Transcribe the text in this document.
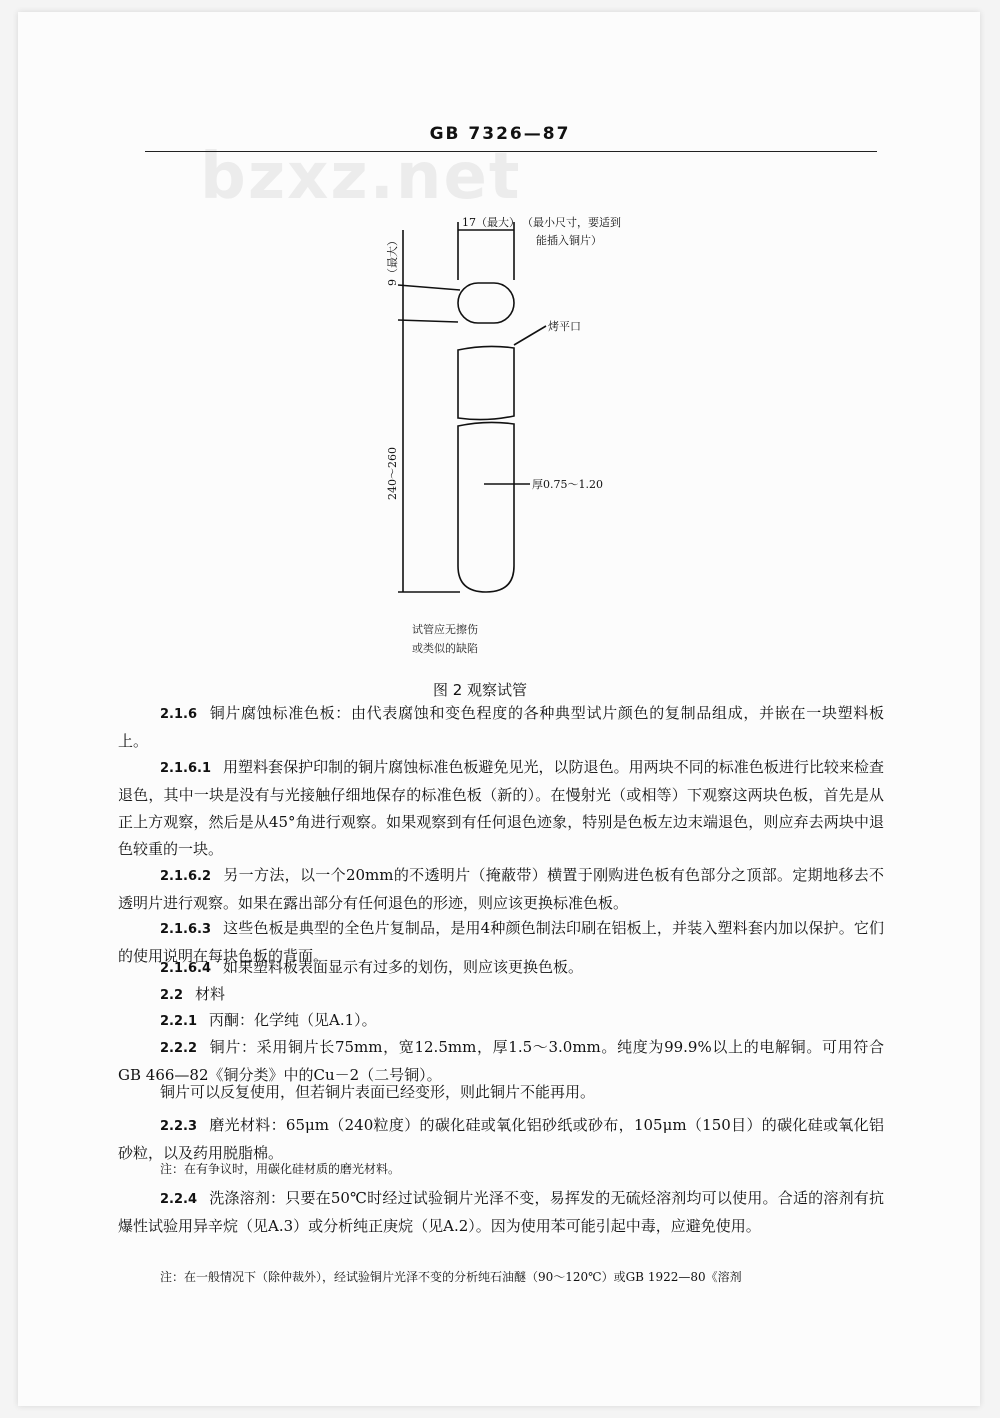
bzxz.net
GB 7326—87
17（最大） （最小尺寸，要适到
能插入铜片）
烤平口
厚0.75～1.20
9（最大）
240～260
试管应无擦伤
或类似的缺陷
图 2 观察试管
2.1.6 铜片腐蚀标准色板：由代表腐蚀和变色程度的各种典型试片颜色的复制品组成，并嵌在一块塑料板上。
2.1.6.1 用塑料套保护印制的铜片腐蚀标准色板避免见光，以防退色。用两块不同的标准色板进行比较来检查退色，其中一块是没有与光接触仔细地保存的标准色板（新的）。在慢射光（或相等）下观察这两块色板，首先是从正上方观察，然后是从45°角进行观察。如果观察到有任何退色迹象，特别是色板左边末端退色，则应弃去两块中退色较重的一块。
2.1.6.2 另一方法，以一个20mm的不透明片（掩蔽带）横置于刚购进色板有色部分之顶部。定期地移去不透明片进行观察。如果在露出部分有任何退色的形迹，则应该更换标准色板。
2.1.6.3 这些色板是典型的全色片复制品，是用4种颜色制法印刷在铝板上，并装入塑料套内加以保护。它们的使用说明在每块色板的背面。
2.1.6.4 如果塑料板表面显示有过多的划伤，则应该更换色板。
2.2 材料
2.2.1 丙酮：化学纯（见A.1）。
2.2.2 铜片：采用铜片长75mm，宽12.5mm，厚1.5～3.0mm。纯度为99.9%以上的电解铜。可用符合GB 466—82《铜分类》中的Cu－2（二号铜）。
铜片可以反复使用，但若铜片表面已经变形，则此铜片不能再用。
2.2.3 磨光材料：65μm（240粒度）的碳化硅或氧化铝砂纸或砂布，105μm（150目）的碳化硅或氧化铝砂粒，以及药用脱脂棉。
注：在有争议时，用碳化硅材质的磨光材料。
2.2.4 洗涤溶剂：只要在50℃时经过试验铜片光泽不变，易挥发的无硫烃溶剂均可以使用。合适的溶剂有抗爆性试验用异辛烷（见A.3）或分析纯正庚烷（见A.2）。因为使用苯可能引起中毒，应避免使用。
注：在一般情况下（除仲裁外），经试验铜片光泽不变的分析纯石油醚（90～120℃）或GB 1922—80《溶剂
